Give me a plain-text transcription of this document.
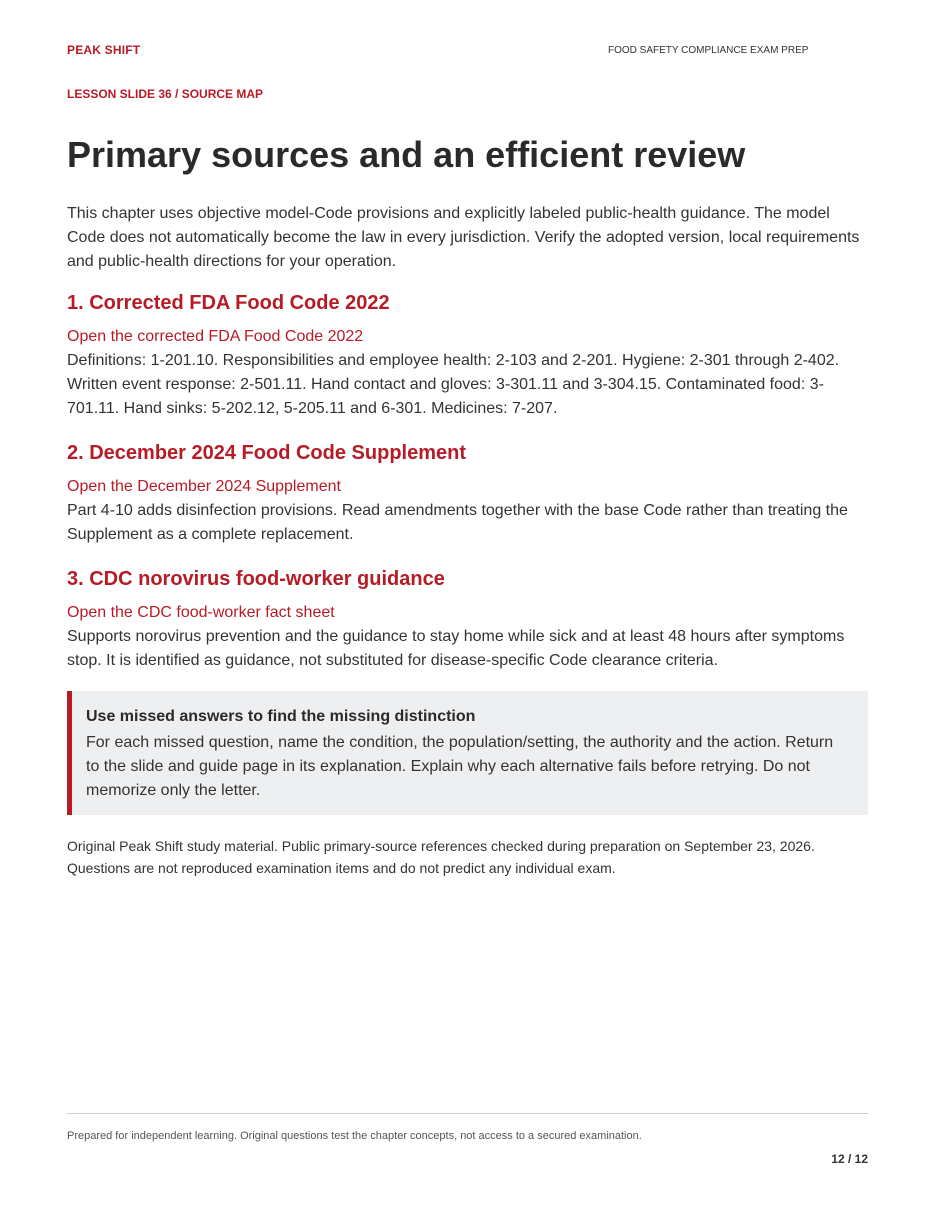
PEAK SHIFT	FOOD SAFETY COMPLIANCE EXAM PREP
LESSON SLIDE 36 / SOURCE MAP
Primary sources and an efficient review

This chapter uses objective model-Code provisions and explicitly labeled public-health guidance. The model Code does not automatically become the law in every jurisdiction. Verify the adopted version, local requirements and public-health directions for your operation.

1. Corrected FDA Food Code 2022
Open the corrected FDA Food Code 2022

Definitions: 1-201.10. Responsibilities and employee health: 2-103 and 2-201. Hygiene: 2-301 through 2-402. Written event response: 2-501.11. Hand contact and gloves: 3-301.11 and 3-304.15. Contaminated food: 3-701.11. Hand sinks: 5-202.12, 5-205.11 and 6-301. Medicines: 7-207.

2. December 2024 Food Code Supplement
Open the December 2024 Supplement

Part 4-10 adds disinfection provisions. Read amendments together with the base Code rather than treating the Supplement as a complete replacement.

3. CDC norovirus food-worker guidance
Open the CDC food-worker fact sheet

Supports norovirus prevention and the guidance to stay home while sick and at least 48 hours after symptoms stop. It is identified as guidance, not substituted for disease-specific Code clearance criteria.

Use missed answers to find the missing distinction

For each missed question, name the condition, the population/setting, the authority and the action. Return to the slide and guide page in its explanation. Explain why each alternative fails before retrying. Do not memorize only the letter.

Original Peak Shift study material. Public primary-source references checked during preparation on September 23, 2026. Questions are not reproduced examination items and do not predict any individual exam.

Prepared for independent learning. Original questions test the chapter concepts, not access to a secured examination.

12 / 12
